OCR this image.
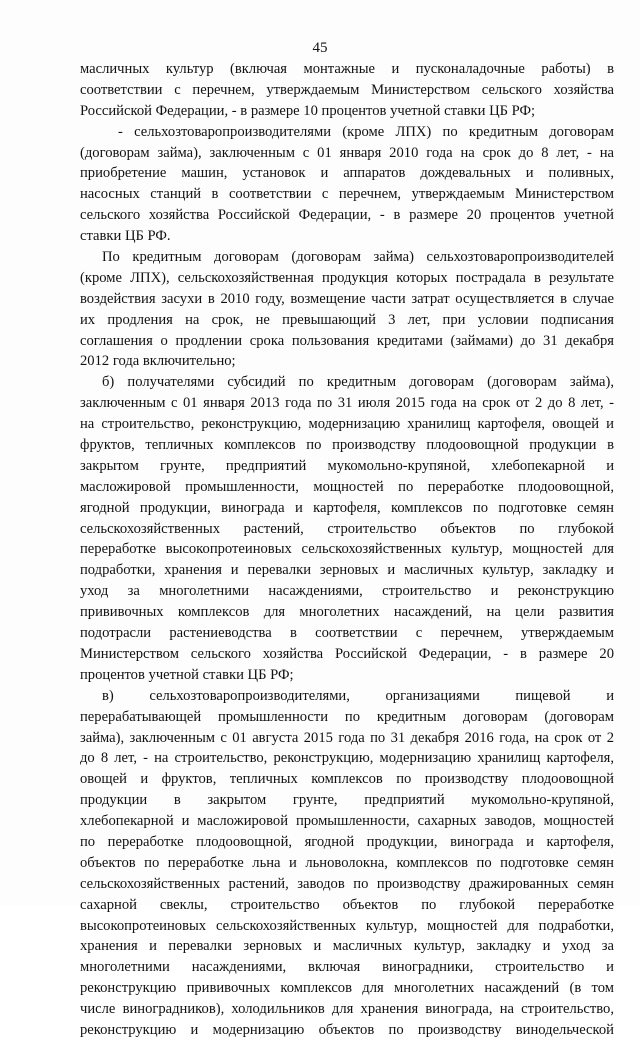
45
масличных культур (включая монтажные и пусконаладочные работы) в
соответствии с перечнем, утверждаемым Министерством сельского хозяйства
Российской Федерации, - в размере 10 процентов учетной ставки ЦБ РФ;
- сельхозтоваропроизводителями (кроме ЛПХ) по кредитным договорам
(договорам займа), заключенным с 01 января 2010 года на срок до 8 лет, - на
приобретение машин, установок и аппаратов дождевальных и поливных,
насосных станций в соответствии с перечнем, утверждаемым Министерством
сельского хозяйства Российской Федерации, - в размере 20 процентов учетной
ставки ЦБ РФ.
По кредитным договорам (договорам займа) сельхозтоваропроизводителей
(кроме ЛПХ), сельскохозяйственная продукция которых пострадала в результате
воздействия засухи в 2010 году, возмещение части затрат осуществляется в случае
их продления на срок, не превышающий 3 лет, при условии подписания
соглашения о продлении срока пользования кредитами (займами) до 31 декабря
2012 года включительно;
б) получателями субсидий по кредитным договорам (договорам займа),
заключенным с 01 января 2013 года по 31 июля 2015 года на срок от 2 до 8 лет, -
на строительство, реконструкцию, модернизацию хранилищ картофеля, овощей и
фруктов, тепличных комплексов по производству плодоовощной продукции в
закрытом грунте, предприятий мукомольно-крупяной, хлебопекарной и
масложировой промышленности, мощностей по переработке плодоовощной,
ягодной продукции, винограда и картофеля, комплексов по подготовке семян
сельскохозяйственных растений, строительство объектов по глубокой
переработке высокопротеиновых сельскохозяйственных культур, мощностей для
подработки, хранения и перевалки зерновых и масличных культур, закладку и
уход за многолетними насаждениями, строительство и реконструкцию
прививочных комплексов для многолетних насаждений, на цели развития
подотрасли растениеводства в соответствии с перечнем, утверждаемым
Министерством сельского хозяйства Российской Федерации, - в размере 20
процентов учетной ставки ЦБ РФ;
в) сельхозтоваропроизводителями, организациями пищевой и
перерабатывающей промышленности по кредитным договорам (договорам
займа), заключенным с 01 августа 2015 года по 31 декабря 2016 года, на срок от 2
до 8 лет, - на строительство, реконструкцию, модернизацию хранилищ картофеля,
овощей и фруктов, тепличных комплексов по производству плодоовощной
продукции в закрытом грунте, предприятий мукомольно-крупяной,
хлебопекарной и масложировой промышленности, сахарных заводов, мощностей
по переработке плодоовощной, ягодной продукции, винограда и картофеля,
объектов по переработке льна и льноволокна, комплексов по подготовке семян
сельскохозяйственных растений, заводов по производству дражированных семян
сахарной свеклы, строительство объектов по глубокой переработке
высокопротеиновых сельскохозяйственных культур, мощностей для подработки,
хранения и перевалки зерновых и масличных культур, закладку и уход за
многолетними насаждениями, включая виноградники, строительство и
реконструкцию прививочных комплексов для многолетних насаждений (в том
числе виноградников), холодильников для хранения винограда, на строительство,
реконструкцию и модернизацию объектов по производству винодельческой
